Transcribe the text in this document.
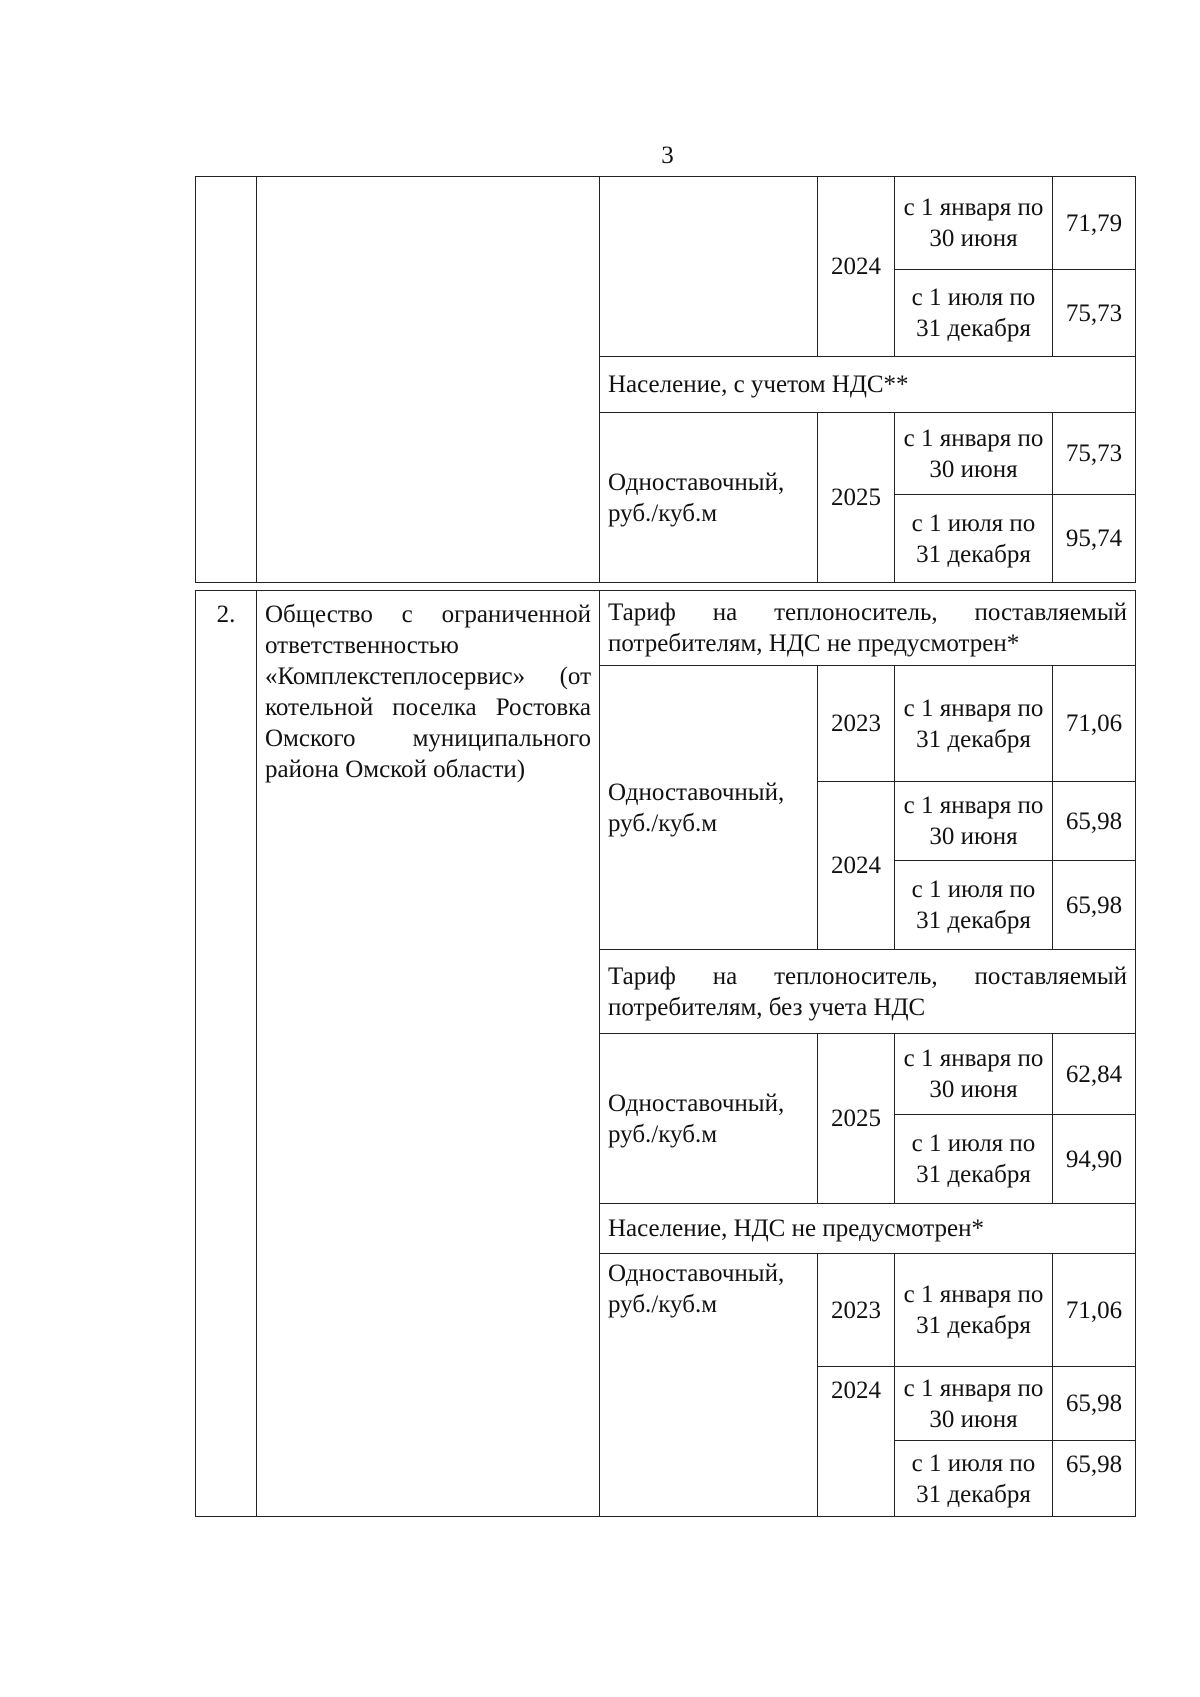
3
			2024	с 1 января по 30 июня	71,79
				с 1 июля по 31 декабря	75,73
		Население, с учетом НДС**			
		Одноставочный, руб./куб.м	2025	с 1 января по 30 июня	75,73
				с 1 июля по 31 декабря	95,74
2.	Общество с ограниченной ответственностью «Комплекстеплосервис» (от котельной поселка Ростовка Омского муниципального района Омской области)	Тариф на теплоноситель, поставляемый потребителям, НДС не предусмотрен*			
		Одноставочный, руб./куб.м	2023	с 1 января по 31 декабря	71,06
			2024	с 1 января по 30 июня	65,98
				с 1 июля по 31 декабря	65,98
		Тариф на теплоноситель, поставляемый потребителям, без учета НДС			
		Одноставочный, руб./куб.м	2025	с 1 января по 30 июня	62,84
				с 1 июля по 31 декабря	94,90
		Население, НДС не предусмотрен*			
		Одноставочный, руб./куб.м	2023	с 1 января по 31 декабря	71,06
			2024	с 1 января по 30 июня	65,98
				с 1 июля по 31 декабря	65,98
